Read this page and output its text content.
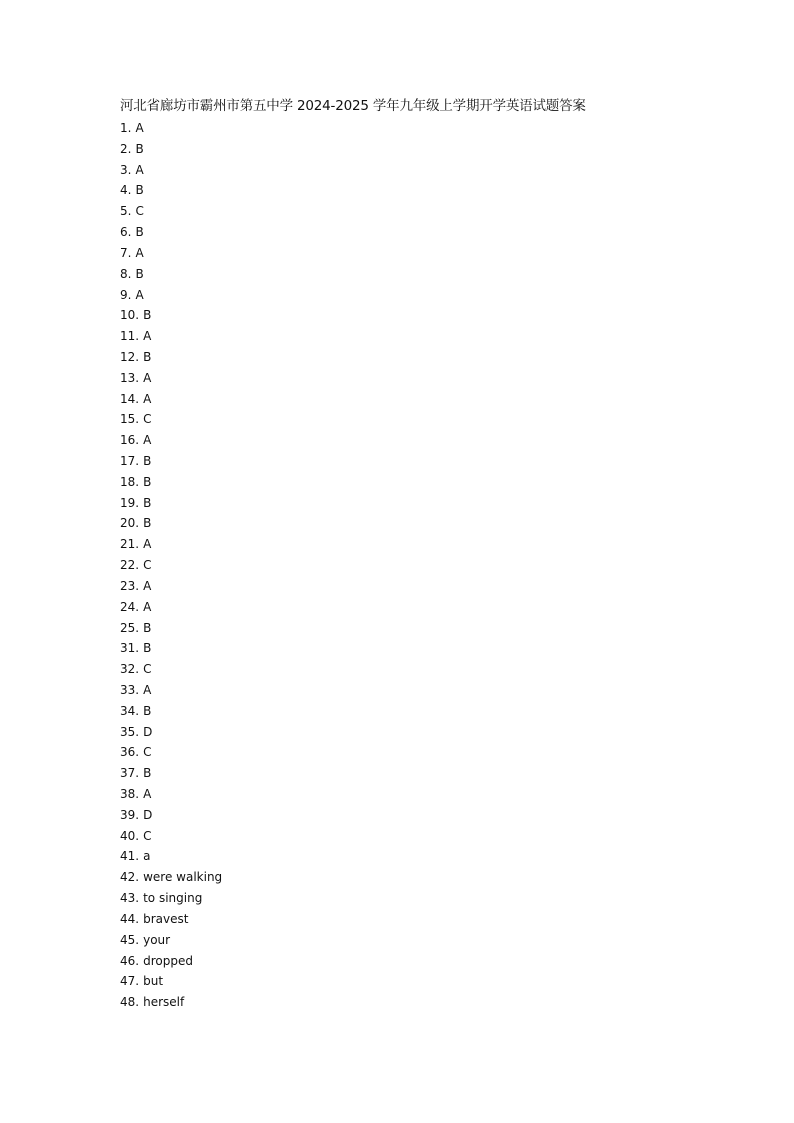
河北省廊坊市霸州市第五中学 2024-2025 学年九年级上学期开学英语试题答案
1. A
2. B
3. A
4. B
5. C
6. B
7. A
8. B
9. A
10. B
11. A
12. B
13. A
14. A
15. C
16. A
17. B
18. B
19. B
20. B
21. A
22. C
23. A
24. A
25. B
31. B
32. C
33. A
34. B
35. D
36. C
37. B
38. A
39. D
40. C
41. a
42. were walking
43. to singing
44. bravest
45. your
46. dropped
47. but
48. herself
